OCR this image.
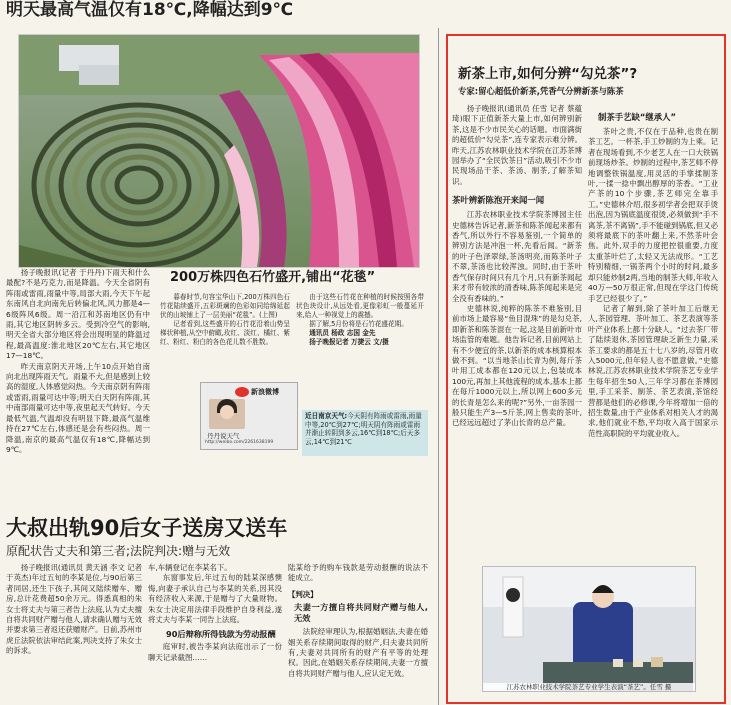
明天最高气温仅有18℃,降幅达到9℃

扬子晚报讯(记者 于丹丹)下雨天和什么最配?不是巧克力,而是降温。今天全省阴有阵雨或雷雨,雨量中等,局部大雨,今天下午起东南风自北向南先后转偏北风,风力都是4—6级阵风6级。周一沿江和苏南地区仍有中雨,其它地区阴转多云。受到冷空气的影响,明天全省大部分地区将会出现明显的降温过程,最高温度:淮北地区20℃左右,其它地区17—18℃。

昨天南京阴天开场,上午10点开始自南向北出现阵雨天气。雨量不大,但是感到上较高的湿度,人体感觉闷热。今天南京阴有阵雨或雷雨,雨量可达中等;明天白天阴有阵雨,其中南部雨量可达中等,夜里起天气转好。今天最低气温,气温却没有明显下降,最高气温维持在27℃左右,体感还是会有些闷热。周一降温,南京的最高气温仅有18℃,降幅达到9℃。

200万株四色石竹盛开,铺出“花毯”

暮春时节,句容宝华山下,200万株四色石竹花陆续盛开,五彩斑斓的色彩如同给绵延起伏的山坡铺上了一层美丽“花毯”。(上图)

记者看到,这些盛开的石竹花沿着山势呈梯状种植,从空中俯瞰,玫红、淡红、橘红、紫红、粉红、粉白的各色花儿数不胜数。

由于这些石竹花在种植的时候按照各带状色块设计,从远处看,更像彩虹一般蔓延开来,给人一种视觉上的震撼。

据了解,5月份将是石竹花盛花期。

通讯员 杨政 志国 金先

扬子晚报记者 万捷云 文/摄

新浪微博
丹丹说天气
http://weibo.com/2261638199
近日南京天气:今天阴有阵雨或雷雨,雨量中等,20℃到27℃;明天阴有阵雨或雷雨并渐止转阴到多云,16℃到18℃;后天多云,14℃到21℃
大叔出轨90后女子送房又送车
原配状告丈夫和第三者;法院判决:赠与无效

扬子晚报讯(通讯员 黄天涵 李文 记者 于英杰)年过五旬的李某是位,与90后第三者同居,还生下孩子,其间又陆续赠车、赠房,总计花费超50余万元。得悉真相的朱女士将丈夫与第三者告上法庭,认为丈夫擅自将共同财产赠与他人,请求确认赠与无效并要求第三者返还获赠财产。日前,苏州市虎丘法院依法审结此案,判决支持了朱女士的诉求。

车,车辆登记在李某名下。

东窗事发后,年过五旬的陆某深感懊悔,向妻子承认自己与李某的关系,因其没有经济收入来源,于是赠与了大量财物。朱女士决定用法律手段维护自身利益,遂将丈夫与李某一同告上法庭。

90后辩称所得钱款为劳动报酬

庭审时,被告李某向法庭出示了一份聊天记录截图……

陆某给予的购车钱款是劳动报酬的说法不能成立。

【判决】

夫妻一方擅自将共同财产赠与他人,无效

法院经审理认为,根据婚姻法,夫妻在婚姻关系存续期间取得的财产,归夫妻共同所有,夫妻对共同所有的财产有平等的处理权。因此,在婚姻关系存续期间,夫妻一方擅自将共同财产赠与他人,应认定无效。

新茶上市,如何分辨“勾兑茶”?
专家:留心超低价新茶,凭香气分辨新茶与陈茶

扬子晚报讯(通讯员 任雪 记者 蔡蕴琦)眼下正值新茶大量上市,如何辨别新茶,这是不少市民关心的话题。市面满街的超低价“勾兑茶”,连专家表示难分辨。昨天,江苏农林职业技术学院在江苏茶博园举办了“全民饮茶日”活动,吸引不少市民现场品干茶、茶汤、制茶,了解茶知识。

茶叶辨新陈泡开来闻一闻

江苏农林职业技术学院茶博园主任史德林告诉记者,新茶和陈茶闻起来都有香气,所以外行不容易鉴别,一个简单的辨别方法是冲泡一杯,先看后闻。“新茶的叶子色泽翠绿,茶汤明亮,而陈茶叶子不翠,茶汤也比较浑浊。同时,由于茶叶香气保存时间只有几个月,只有新茶闻起来才带有较浓的清香味,陈茶闻起来是完全没有香味的。”

史德林说,纯粹的陈茶不难鉴别,目前市场上最容易“鱼目混珠”的是勾兑茶,即新茶和陈茶混在一起,这是目前新叶市场监管的难题。他告诉记者,目前网站上有不少便宜的茶,以新茶的成本核算根本做不到。“以当地茶山长青为例,每斤茶叶用工成本都在120元以上,包装成本100元,再加上其他流程的成本,基本上都在每斤1000元以上,所以网上600多元的长青是怎么来的呢?”另外,一亩茶园一般只能生产3—5斤茶,网上售卖的茶叶,已经远远超过了茅山长青的总产量。

制茶手艺缺“继承人”

茶叶之贵,不仅在于品种,也贵在制茶工艺。一杯茶,手工炒制的为上乘。记者在现场看到,不少老艺人在一口大铁锅前现场炒茶。炒制的过程中,茶艺师不停地调整铁锅温度,用灵活的手掌揉制茶叶,一揉一捻中飘出醇厚的茶香。“工业产茶的10个步骤,茶艺师完全靠手工。”史德林介绍,很多初学者会把双手烫出泡,因为锅底温度很烫,必须做到“手不离茶,茶不离锅”,手不能碰到锅底,但又必须将最底下的茶叶翻上来,不然茶叶会焦。此外,双手的力度把控很重要,力度太重茶叶烂了,太轻又无法成形。“工艺特别精细,一锅茶两个小时的时间,最多却只能炒制2两,当地的制茶大师,年收入40万—50万很正常,但现在学这门传统手艺已经很少了。”

记者了解到,除了茶叶加工后继无人,茶园管理、茶叶加工、茶艺表演等茶叶产业体系上都十分缺人。“过去茶厂带了陆续退休,茶园管理缺乏新生力量,采茶工要求的都是五十七八岁的,尽管月收入5000元,但年轻人也不愿意做。”史德林说,江苏农林职业技术学院茶艺专业学生每年招生50人,三年学习都在茶博园里,手工采茶、制茶、茶艺表演,茶馆经营都是他们的必修课,今年将增加一倍的招生数量,由于产业体系对相关人才的渴求,他们就业不愁,平均收入高于国家示范性高职院的平均就业收入。

江苏农林职业技术学院茶艺专业学生表演“茶艺”。任雪 摄
